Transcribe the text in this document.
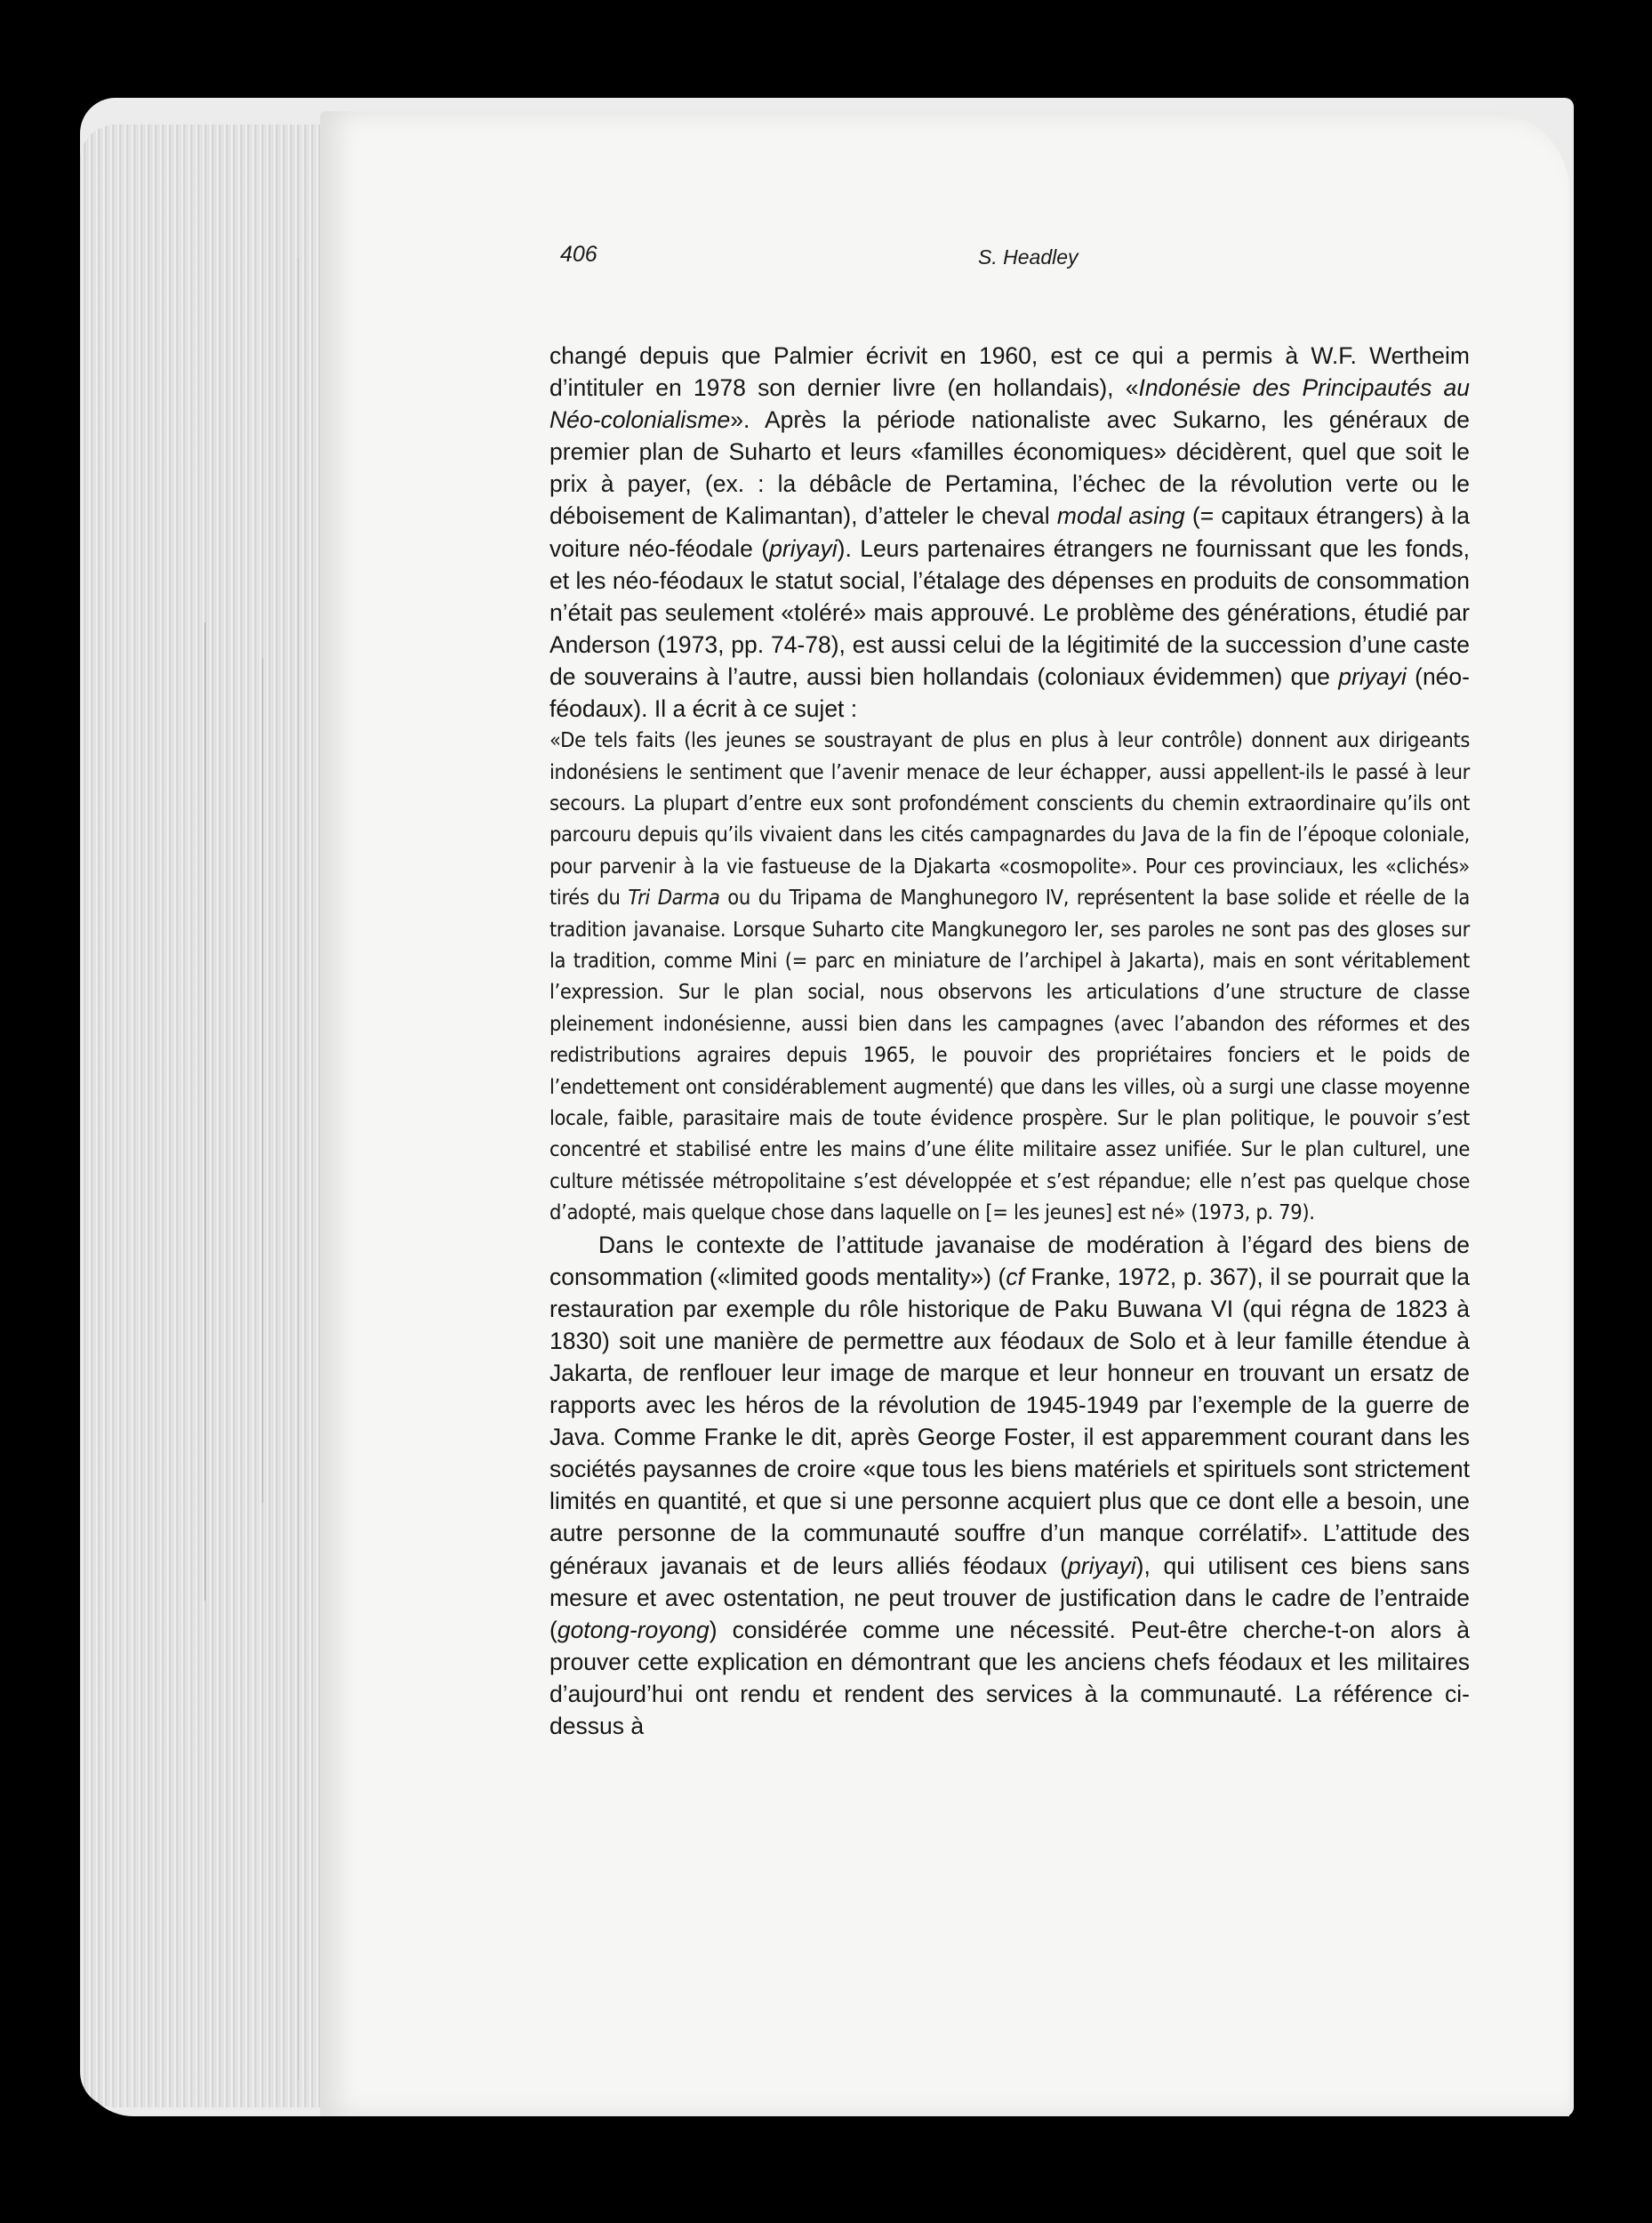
406	S. Headley

changé depuis que Palmier écrivit en 1960, est ce qui a permis à W.F. Wertheim d’intituler en 1978 son dernier livre (en hollandais), «Indonésie des Principautés au Néo-colonialisme». Après la période nationaliste avec Sukarno, les généraux de premier plan de Suharto et leurs «familles économiques» décidèrent, quel que soit le prix à payer, (ex. : la débâcle de Pertamina, l’échec de la révolution verte ou le déboisement de Kalimantan), d’atteler le cheval modal asing (= capitaux étrangers) à la voiture néo-féodale (priyayi). Leurs partenaires étrangers ne fournissant que les fonds, et les néo-féodaux le statut social, l’étalage des dépenses en produits de consommation n’était pas seulement «toléré» mais approuvé. Le problème des générations, étudié par Anderson (1973, pp. 74-78), est aussi celui de la légitimité de la succession d’une caste de souverains à l’autre, aussi bien hollandais (coloniaux évidemmen) que priyayi (néo-féodaux). Il a écrit à ce sujet :

«De tels faits (les jeunes se soustrayant de plus en plus à leur contrôle) donnent aux dirigeants indonésiens le sentiment que l’avenir menace de leur échapper, aussi appellent-ils le passé à leur secours. La plupart d’entre eux sont profondément conscients du chemin extraordinaire qu’ils ont parcouru depuis qu’ils vivaient dans les cités campagnardes du Java de la fin de l’époque coloniale, pour parvenir à la vie fastueuse de la Djakarta «cosmopolite». Pour ces provinciaux, les «clichés» tirés du Tri Darma ou du Tripama de Manghunegoro IV, représentent la base solide et réelle de la tradition javanaise. Lorsque Suharto cite Mangkunegoro Ier, ses paroles ne sont pas des gloses sur la tradition, comme Mini (= parc en miniature de l’archipel à Jakarta), mais en sont véritablement l’expression. Sur le plan social, nous observons les articulations d’une structure de classe pleinement indonésienne, aussi bien dans les campagnes (avec l’abandon des réformes et des redistributions agraires depuis 1965, le pouvoir des propriétaires fonciers et le poids de l’endettement ont considérablement augmenté) que dans les villes, où a surgi une classe moyenne locale, faible, parasitaire mais de toute évidence prospère. Sur le plan politique, le pouvoir s’est concentré et stabilisé entre les mains d’une élite militaire assez unifiée. Sur le plan culturel, une culture métissée métropolitaine s’est développée et s’est répandue; elle n’est pas quelque chose d’adopté, mais quelque chose dans laquelle on [= les jeunes] est né» (1973, p. 79).

Dans le contexte de l’attitude javanaise de modération à l’égard des biens de consommation («limited goods mentality») (cf Franke, 1972, p. 367), il se pourrait que la restauration par exemple du rôle historique de Paku Buwana VI (qui régna de 1823 à 1830) soit une manière de permettre aux féodaux de Solo et à leur famille étendue à Jakarta, de renflouer leur image de marque et leur honneur en trouvant un ersatz de rapports avec les héros de la révolution de 1945-1949 par l’exemple de la guerre de Java. Comme Franke le dit, après George Foster, il est apparemment courant dans les sociétés paysannes de croire «que tous les biens matériels et spirituels sont strictement limités en quantité, et que si une personne acquiert plus que ce dont elle a besoin, une autre personne de la communauté souffre d’un manque corrélatif». L’attitude des généraux javanais et de leurs alliés féodaux (priyayi), qui utilisent ces biens sans mesure et avec ostentation, ne peut trouver de justification dans le cadre de l’entraide (gotong-royong) considérée comme une nécessité. Peut-être cherche-t-on alors à prouver cette explication en démontrant que les anciens chefs féodaux et les militaires d’aujourd’hui ont rendu et rendent des services à la communauté. La référence ci-dessus à
